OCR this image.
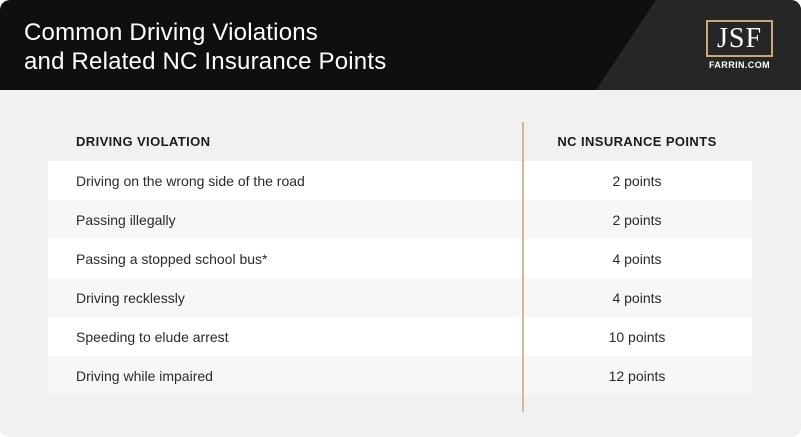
Common Driving Violations
and Related NC Insurance Points
JSF
FARRIN.COM
DRIVING VIOLATION	NC INSURANCE POINTS
Driving on the wrong side of the road	2 points
Passing illegally	2 points
Passing a stopped school bus*	4 points
Driving recklessly	4 points
Speeding to elude arrest	10 points
Driving while impaired	12 points
